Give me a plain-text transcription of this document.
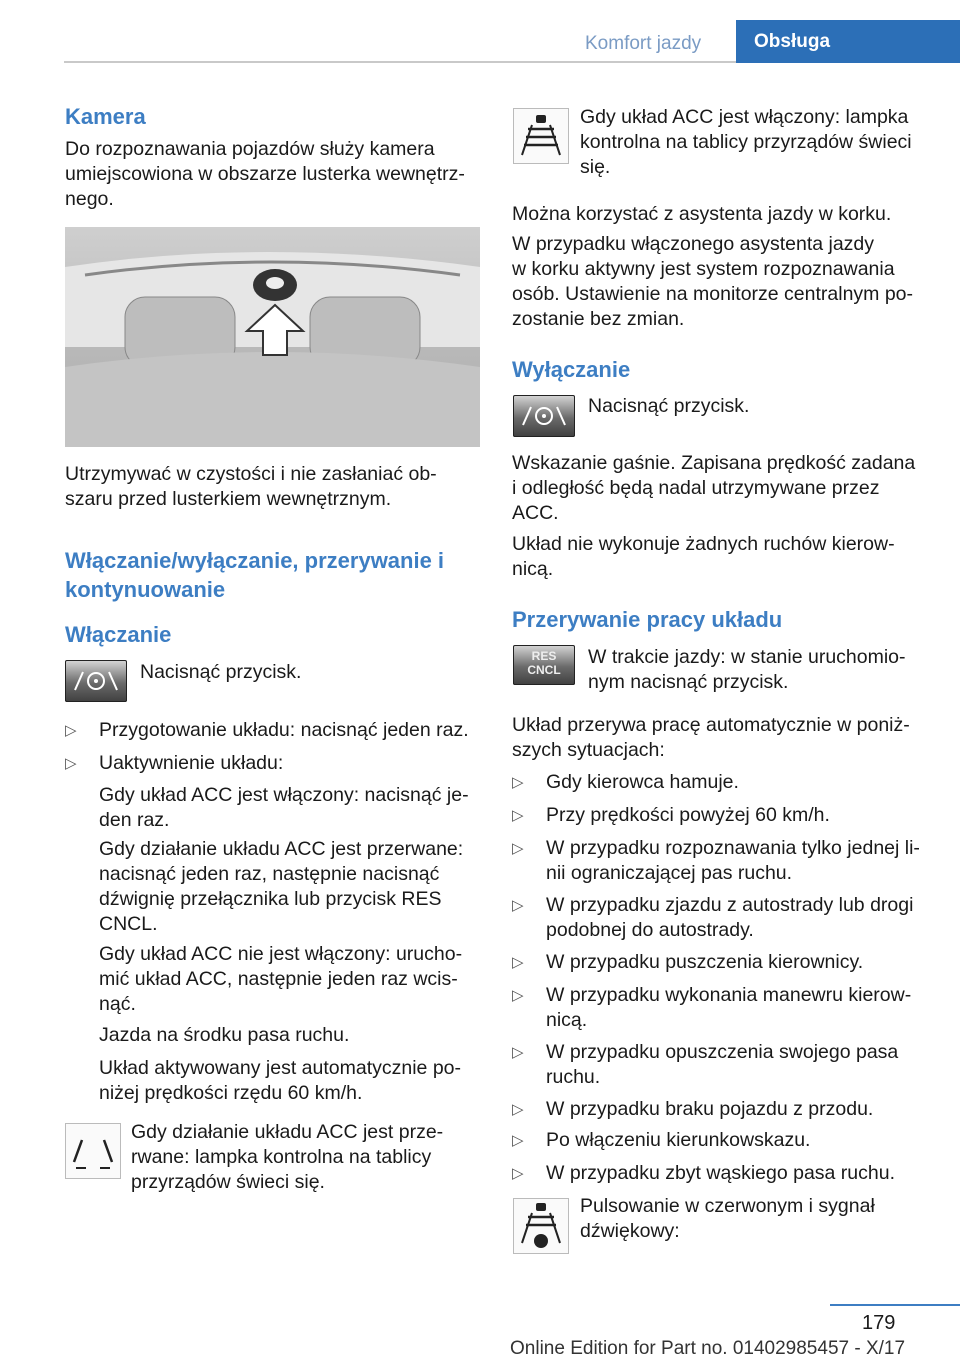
Komfort jazdy	Obsługa
Kamera
Do rozpoznawania pojazdów służy kamera
umiejscowiona w obszarze lusterka wewnętrz-
nego.
Utrzymywać w czystości i nie zasłaniać ob-
szaru przed lusterkiem wewnętrznym.
Włączanie/wyłączanie, przerywanie i
kontynuowanie
Włączanie
Nacisnąć przycisk.
▷ Przygotowanie układu: nacisnąć jeden raz.
▷ Uaktywnienie układu:
Gdy układ ACC jest włączony: nacisnąć je-
den raz.
Gdy działanie układu ACC jest przerwane:
nacisnąć jeden raz, następnie nacisnąć
dźwignię przełącznika lub przycisk RES
CNCL.
Gdy układ ACC nie jest włączony: urucho-
mić układ ACC, następnie jeden raz wcis-
nąć.
Jazda na środku pasa ruchu.
Układ aktywowany jest automatycznie po-
niżej prędkości rzędu 60 km/h.
Gdy działanie układu ACC jest prze-
rwane: lampka kontrolna na tablicy
przyrządów świeci się.
Gdy układ ACC jest włączony: lampka
kontrolna na tablicy przyrządów świeci
się.
Można korzystać z asystenta jazdy w korku.
W przypadku włączonego asystenta jazdy
w korku aktywny jest system rozpoznawania
osób. Ustawienie na monitorze centralnym po-
zostanie bez zmian.
Wyłączanie
Nacisnąć przycisk.
Wskazanie gaśnie. Zapisana prędkość zadana
i odległość będą nadal utrzymywane przez
ACC.
Układ nie wykonuje żadnych ruchów kierow-
nicą.
Przerywanie pracy układu
RES
CNCL
W trakcie jazdy: w stanie uruchomio-
nym nacisnąć przycisk.
Układ przerywa pracę automatycznie w poniż-
szych sytuacjach:
▷ Gdy kierowca hamuje.
▷ Przy prędkości powyżej 60 km/h.
▷ W przypadku rozpoznawania tylko jednej li-
nii ograniczającej pas ruchu.
▷ W przypadku zjazdu z autostrady lub drogi
podobnej do autostrady.
▷ W przypadku puszczenia kierownicy.
▷ W przypadku wykonania manewru kierow-
nicą.
▷ W przypadku opuszczenia swojego pasa
ruchu.
▷ W przypadku braku pojazdu z przodu.
▷ Po włączeniu kierunkowskazu.
▷ W przypadku zbyt wąskiego pasa ruchu.
Pulsowanie w czerwonym i sygnał
dźwiękowy:
179
Online Edition for Part no. 01402985457 - X/17
